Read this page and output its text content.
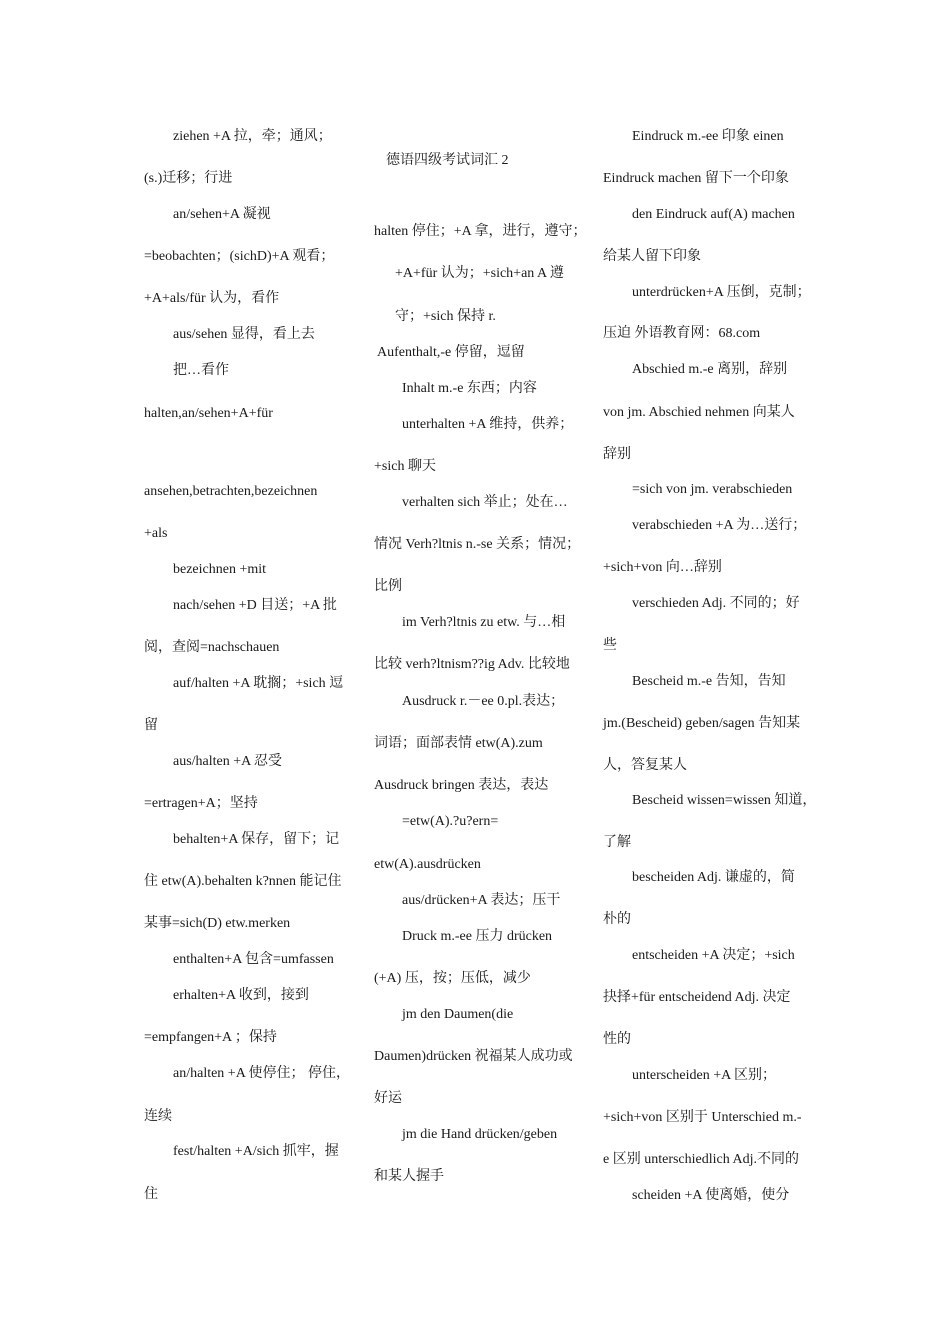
ziehen +A 拉，牵；通风；
(s.)迁移；行进
an/sehen+A 凝视
=beobachten；(sichD)+A 观看；
+A+als/für 认为，看作
aus/sehen 显得，看上去
把…看作
halten,an/sehen+A+für
ansehen,betrachten,bezeichnen
+als
bezeichnen +mit
nach/sehen +D 目送；+A 批
阅，查阅=nachschauen
auf/halten +A 耽搁；+sich 逗
留
aus/halten +A 忍受
=ertragen+A；坚持
behalten+A 保存，留下；记
住 etw(A).behalten k?nnen 能记住
某事=sich(D) etw.merken
enthalten+A 包含=umfassen
erhalten+A 收到，接到
=empfangen+A ；保持
an/halten +A 使停住； 停住，
连续
fest/halten +A/sich 抓牢，握
住
德语四级考试词汇 2
halten 停住；+A 拿，进行，遵守；
+A+für 认为；+sich+an A 遵
守；+sich 保持 r.
Aufenthalt,-e 停留，逗留
Inhalt m.-e 东西；内容
unterhalten +A 维持，供养；
+sich 聊天
verhalten sich 举止；处在…
情况 Verh?ltnis n.-se 关系；情况；
比例
im Verh?ltnis zu etw. 与…相
比较 verh?ltnism??ig Adv. 比较地
Ausdruck r.－ee 0.pl.表达；
词语；面部表情 etw(A).zum
Ausdruck bringen 表达，表达
=etw(A).?u?ern=
etw(A).ausdrücken
aus/drücken+A 表达；压干
Druck m.-ee 压力 drücken
(+A) 压，按；压低，减少
jm den Daumen(die
Daumen)drücken 祝福某人成功或
好运
jm die Hand drücken/geben
和某人握手
Eindruck m.-ee 印象 einen
Eindruck machen 留下一个印象
den Eindruck auf(A) machen
给某人留下印象
unterdrücken+A 压倒，克制；
压迫 外语教育网：68.com
Abschied m.-e 离别，辞别
von jm. Abschied nehmen 向某人
辞别
=sich von jm. verabschieden
verabschieden +A 为…送行；
+sich+von 向…辞别
verschieden Adj. 不同的；好
些
Bescheid m.-e 告知，告知
jm.(Bescheid) geben/sagen 告知某
人，答复某人
Bescheid wissen=wissen 知道，
了解
bescheiden Adj. 谦虚的，简
朴的
entscheiden +A 决定；+sich
抉择+für entscheidend Adj. 决定
性的
unterscheiden +A 区别；
+sich+von 区别于 Unterschied m.-
e 区别 unterschiedlich Adj.不同的
scheiden +A 使离婚，使分
